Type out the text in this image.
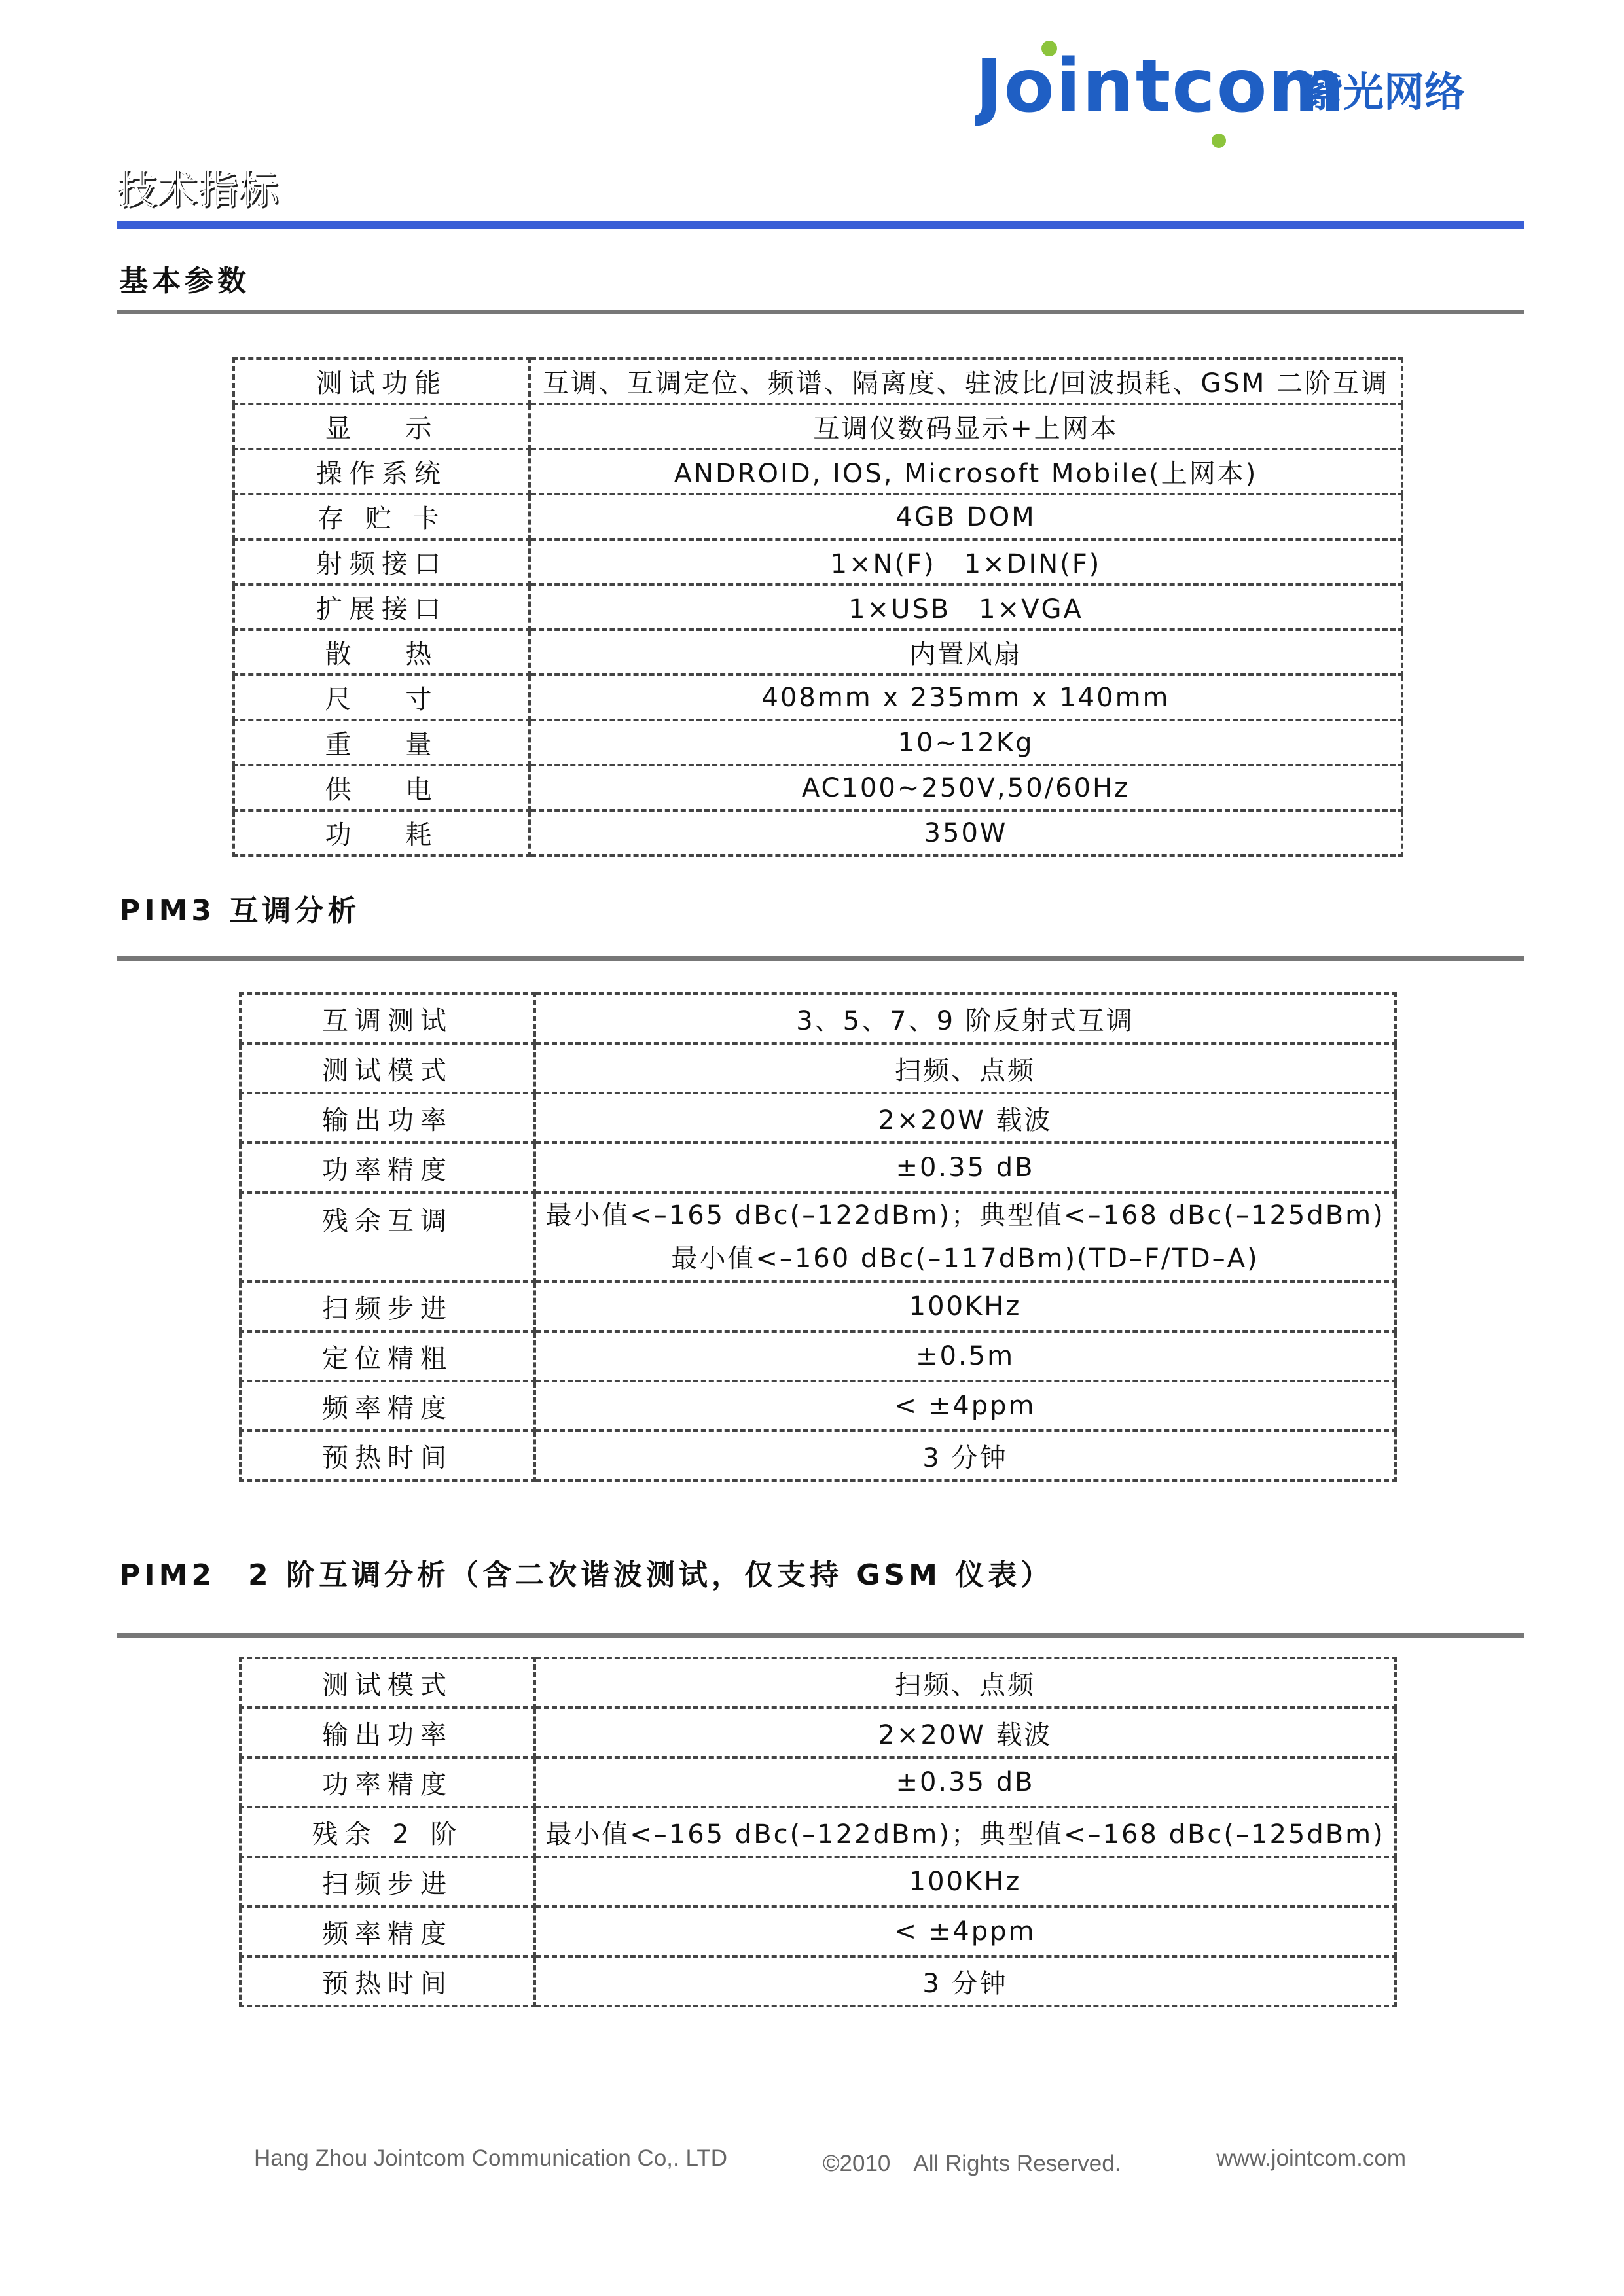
Jointcom
紫光网络
技术指标
基本参数
测试功能	互调、互调定位、频谱、隔离度、驻波比/回波损耗、GSM 二阶互调
显　 示	互调仪数码显示+上网本
操作系统	ANDROID, IOS, Microsoft Mobile(上网本)
存 贮 卡	4GB DOM
射频接口	1×N(F)　1×DIN(F)
扩展接口	1×USB　1×VGA
散　 热	内置风扇
尺　 寸	408mm x 235mm x 140mm
重　 量	10~12Kg
供　 电	AC100~250V,50/60Hz
功　 耗	350W
PIM3 互调分析
互调测试	3、5、7、9 阶反射式互调
测试模式	扫频、点频
输出功率	2×20W 载波
功率精度	±0.35 dB
残余互调	最小值<–165 dBc(–122dBm)；典型值<–168 dBc(–125dBm)
最小值<–160 dBc(–117dBm)(TD–F/TD–A)

扫频步进	100KHz
定位精粗	±0.5m
频率精度	< ±4ppm
预热时间	3 分钟
PIM2　2 阶互调分析（含二次谐波测试，仅支持 GSM 仪表）
测试模式	扫频、点频
输出功率	2×20W 载波
功率精度	±0.35 dB
残余 2 阶	最小值<–165 dBc(–122dBm)；典型值<–168 dBc(–125dBm)
扫频步进	100KHz
频率精度	< ±4ppm
预热时间	3 分钟
Hang Zhou Jointcom Communication Co,. LTD	©2010　All Rights Reserved.	www.jointcom.com
